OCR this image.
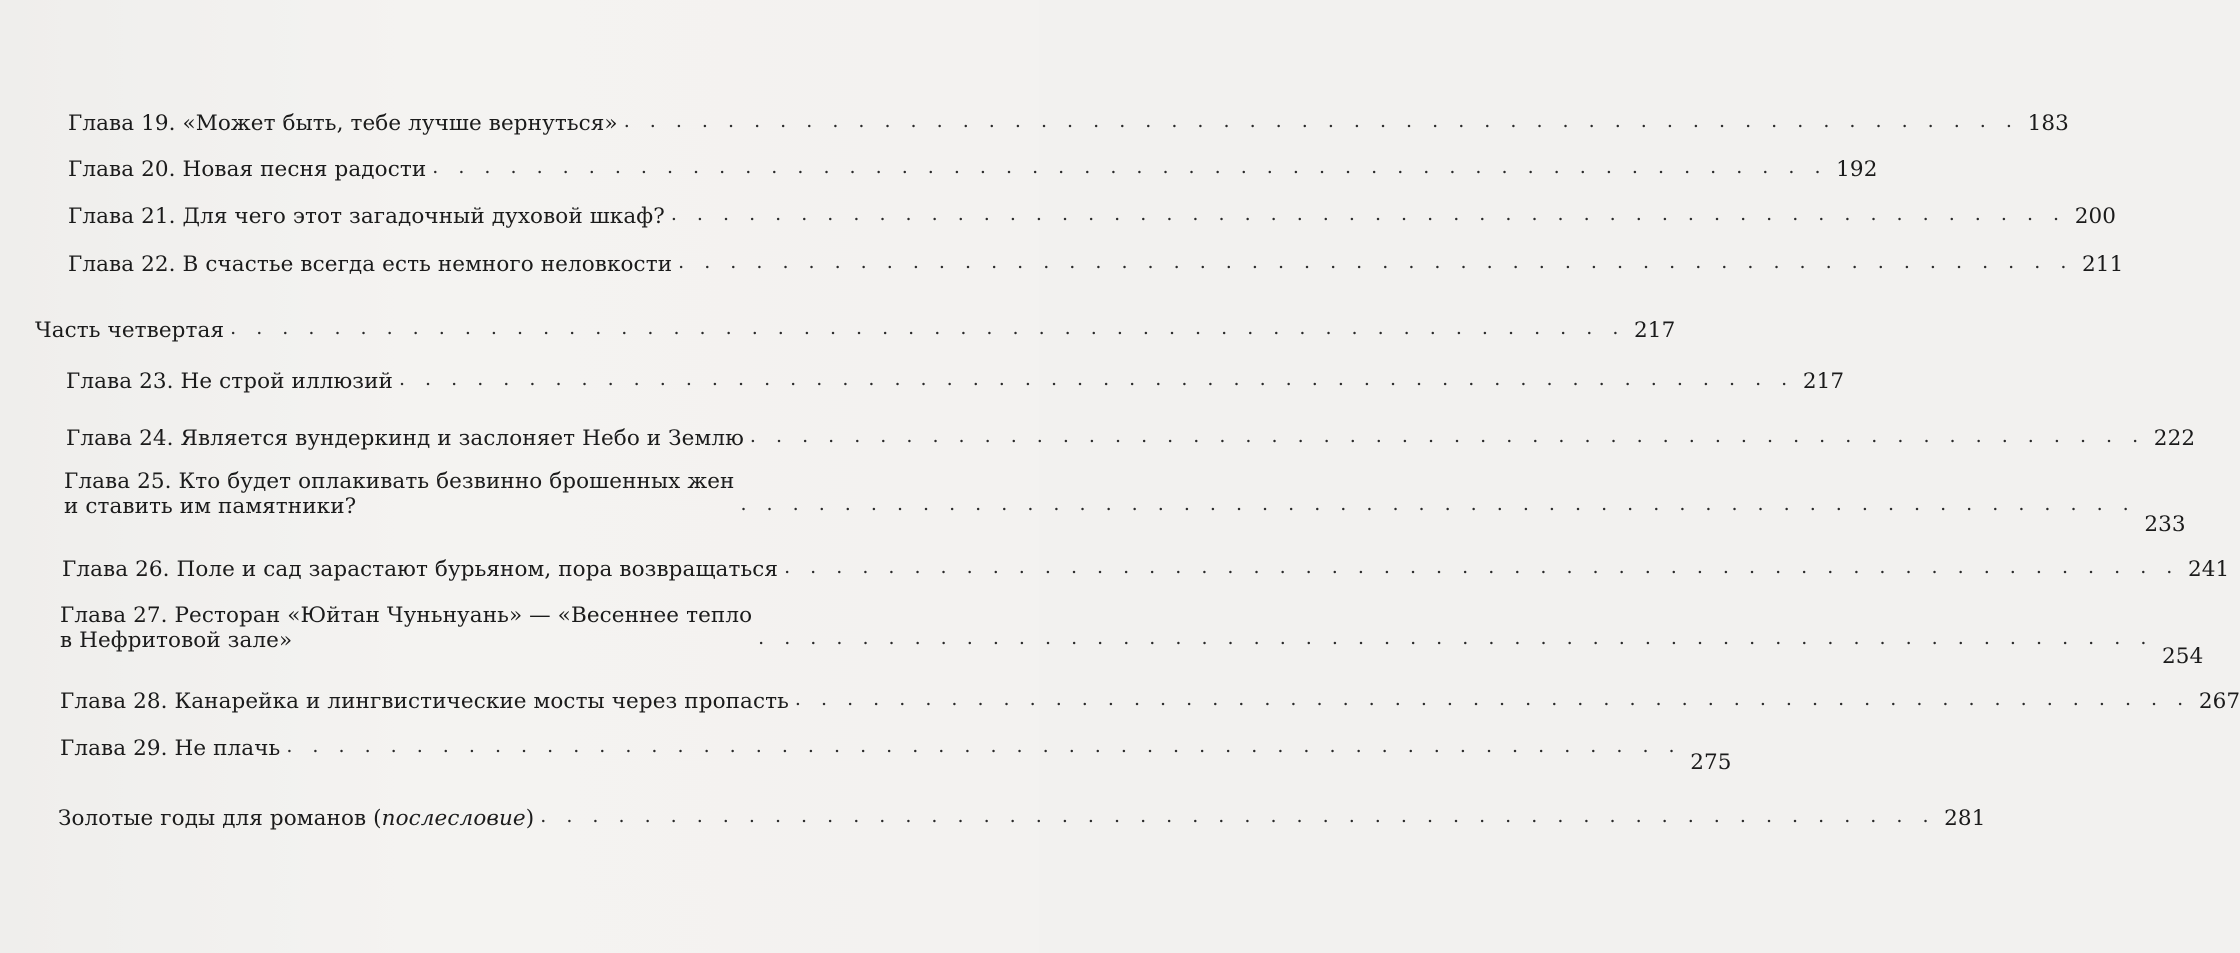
Глава 19. «Может быть, тебе лучше вернуться» . . . . . . . . . . . . . . . . . . . . . . . . . . . . . . . . . . . . . . . . . . . . . . . . . . . . . . 183
Глава 20. Новая песня радости . . . . . . . . . . . . . . . . . . . . . . . . . . . . . . . . . . . . . . . . . . . . . . . . . . . . . . 192
Глава 21. Для чего этот загадочный духовой шкаф? . . . . . . . . . . . . . . . . . . . . . . . . . . . . . . . . . . . . . . . . . . . . . . . . . . . . . . 200
Глава 22. В счастье всегда есть немного неловкости . . . . . . . . . . . . . . . . . . . . . . . . . . . . . . . . . . . . . . . . . . . . . . . . . . . . . . 211
Часть четвертая . . . . . . . . . . . . . . . . . . . . . . . . . . . . . . . . . . . . . . . . . . . . . . . . . . . . . . 217
Глава 23. Не строй иллюзий . . . . . . . . . . . . . . . . . . . . . . . . . . . . . . . . . . . . . . . . . . . . . . . . . . . . . . 217
Глава 24. Является вундеркинд и заслоняет Небо и Землю . . . . . . . . . . . . . . . . . . . . . . . . . . . . . . . . . . . . . . . . . . . . . . . . . . . . . . 222
Глава 25. Кто будет оплакивать безвинно брошенных жен
и ставить им памятники?	. . . . . . . . . . . . . . . . . . . . . . . . . . . . . . . . . . . . . . . . . . . . . . . . . . . . . .
233
Глава 26. Поле и сад зарастают бурьяном, пора возвращаться . . . . . . . . . . . . . . . . . . . . . . . . . . . . . . . . . . . . . . . . . . . . . . . . . . . . . . 241
Глава 27. Ресторан «Юйтан Чуньнуань» — «Весеннее тепло
в Нефритовой зале»	. . . . . . . . . . . . . . . . . . . . . . . . . . . . . . . . . . . . . . . . . . . . . . . . . . . . . .
254
Глава 28. Канарейка и лингвистические мосты через пропасть . . . . . . . . . . . . . . . . . . . . . . . . . . . . . . . . . . . . . . . . . . . . . . . . . . . . . . 267
Глава 29. Не плачь . . . . . . . . . . . . . . . . . . . . . . . . . . . . . . . . . . . . . . . . . . . . . . . . . . . . . .
275
Золотые годы для романов (послесловие) . . . . . . . . . . . . . . . . . . . . . . . . . . . . . . . . . . . . . . . . . . . . . . . . . . . . . . 281
